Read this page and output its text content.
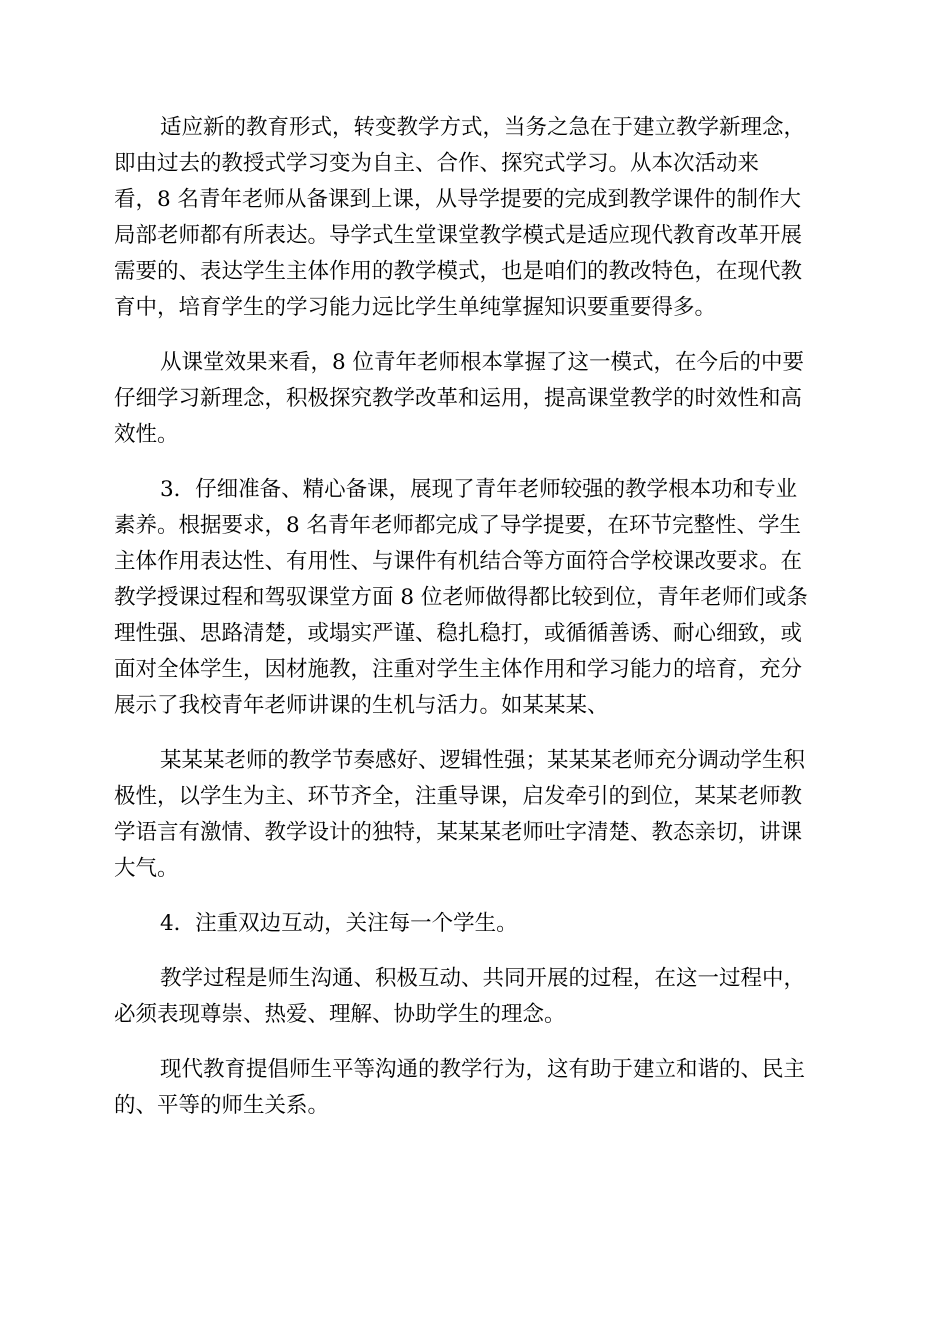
适应新的教育形式，转变教学方式，当务之急在于建立教学新理念，
即由过去的教授式学习变为自主、合作、探究式学习。从本次活动来
看，8 名青年老师从备课到上课，从导学提要的完成到教学课件的制作大
局部老师都有所表达。导学式生堂课堂教学模式是适应现代教育改革开展
需要的、表达学生主体作用的教学模式，也是咱们的教改特色，在现代教
育中，培育学生的学习能力远比学生单纯掌握知识要重要得多。

从课堂效果来看，8 位青年老师根本掌握了这一模式，在今后的中要
仔细学习新理念，积极探究教学改革和运用，提高课堂教学的时效性和高
效性。

3．仔细准备、精心备课，展现了青年老师较强的教学根本功和专业
素养。根据要求，8 名青年老师都完成了导学提要，在环节完整性、学生
主体作用表达性、有用性、与课件有机结合等方面符合学校课改要求。在
教学授课过程和驾驭课堂方面 8 位老师做得都比较到位，青年老师们或条
理性强、思路清楚，或塌实严谨、稳扎稳打，或循循善诱、耐心细致，或
面对全体学生，因材施教，注重对学生主体作用和学习能力的培育，充分
展示了我校青年老师讲课的生机与活力。如某某某、

某某某老师的教学节奏感好、逻辑性强；某某某老师充分调动学生积
极性，以学生为主、环节齐全，注重导课，启发牵引的到位，某某老师教
学语言有激情、教学设计的独特，某某某老师吐字清楚、教态亲切，讲课
大气。

4．注重双边互动，关注每一个学生。

教学过程是师生沟通、积极互动、共同开展的过程，在这一过程中，
必须表现尊崇、热爱、理解、协助学生的理念。

现代教育提倡师生平等沟通的教学行为，这有助于建立和谐的、民主
的、平等的师生关系。
